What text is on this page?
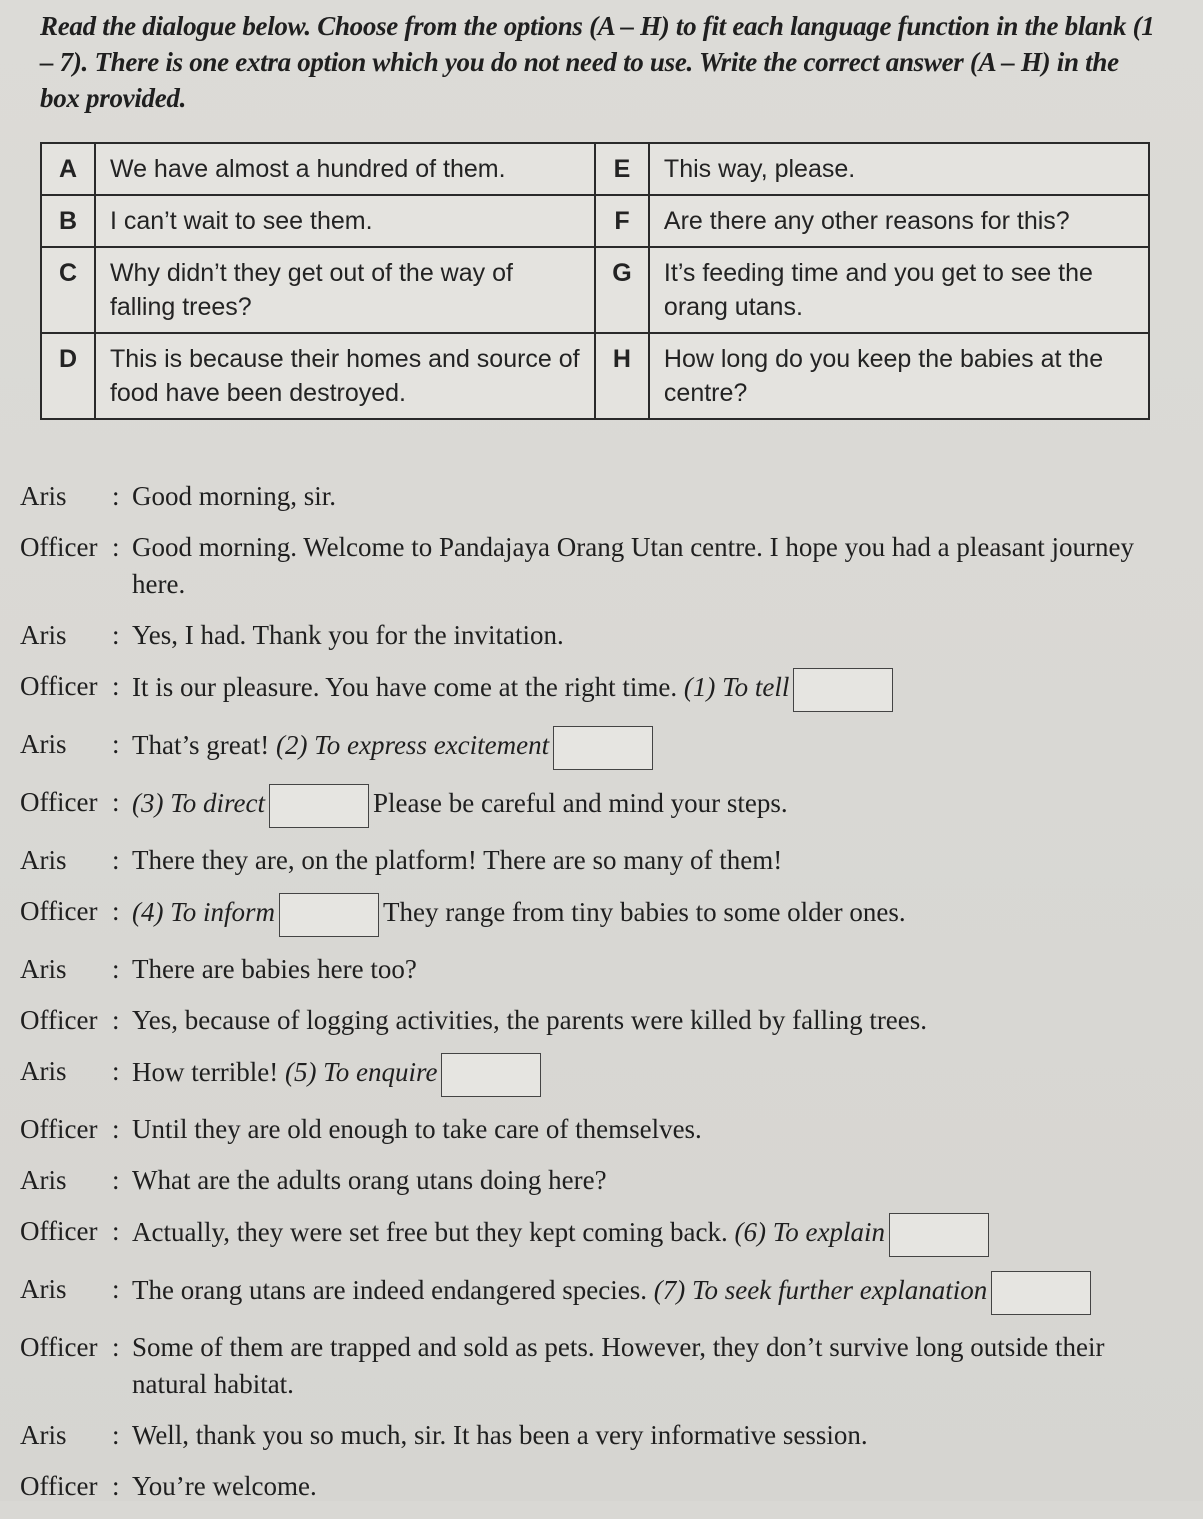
Read the dialogue below. Choose from the options (A – H) to fit each language function in the blank (1 – 7). There is one extra option which you do not need to use. Write the correct answer (A – H) in the box provided.
A	We have almost a hundred of them.	E	This way, please.
B	I can’t wait to see them.	F	Are there any other reasons for this?
C	Why didn’t they get out of the way of falling trees?	G	It’s feeding time and you get to see the orang utans.
D	This is because their homes and source of food have been destroyed.	H	How long do you keep the babies at the centre?
Aris	: Good morning, sir.
Officer : Good morning. Welcome to Pandajaya Orang Utan centre. I hope you had a pleasant journey here.
Aris	: Yes, I had. Thank you for the invitation.
Officer : It is our pleasure. You have come at the right time. (1) To tell
Aris	: That’s great! (2) To express excitement
Officer : (3) To direct	Please be careful and mind your steps.
Aris	: There they are, on the platform! There are so many of them!
Officer : (4) To inform	They range from tiny babies to some older ones.
Aris	: There are babies here too?
Officer : Yes, because of logging activities, the parents were killed by falling trees.
Aris	: How terrible! (5) To enquire
Officer : Until they are old enough to take care of themselves.
Aris	: What are the adults orang utans doing here?
Officer : Actually, they were set free but they kept coming back. (6) To explain
Aris	: The orang utans are indeed endangered species. (7) To seek further explanation
Officer : Some of them are trapped and sold as pets. However, they don’t survive long outside their natural habitat.
Aris	: Well, thank you so much, sir. It has been a very informative session.
Officer : You’re welcome.
